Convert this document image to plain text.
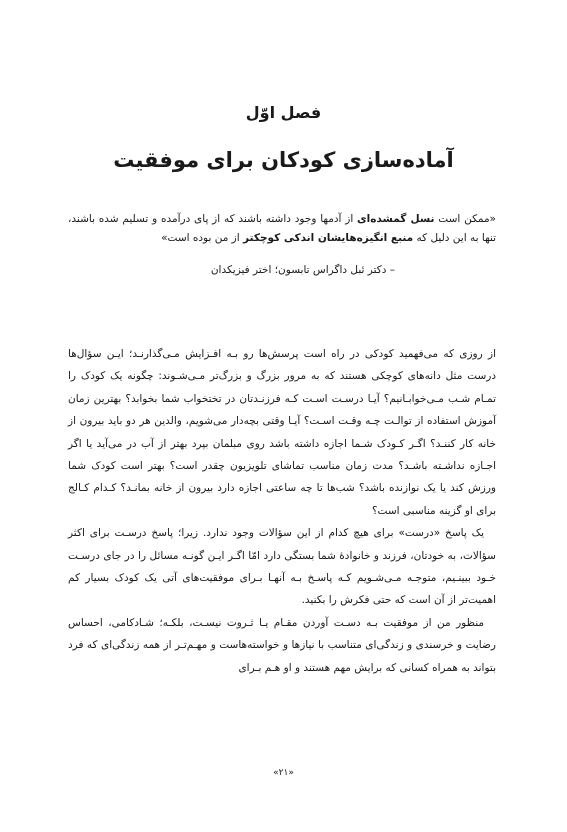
فصل اوّل
آماده‌سازی کودکان برای موفقیت
«ممکن است نسل گمشده‌ای از آدمها وجود داشته باشند که از پای درآمده و تسلیم شده باشند، تنها به این دلیل که منبع انگیزه‌هایشان اندکی کوچکتر از من بوده است»
– دکتر ئبل داگراس تابسون؛ اختر فیزیکدان

از روزی که می‌فهمید کودکی در راه است پرسش‌ها رو بـه افـزایش مـی‌گذارنـد؛ ایـن سؤال‌ها درست مثل دانه‌های کوچکی هستند که به مرور بزرگ و بزرگ‌تر مـی‌شـوند: چگونه یک کودک را تمـام شـب مـی‌خوابـانیم؟ آیـا درسـت اسـت کـه فرزنـدتان در تختخواب شما بخوابد؟ بهترین زمان آموزش استفاده از توالـت چـه وقـت اسـت؟ آیـا وقتی بچه‌دار می‌شویم، والدین هر دو باید بیرون از خانه کار کننـد؟ اگـر کـودک شـما اجازه داشته باشد روی مبلمان بپرد بهتر از آب در می‌آید یا اگر اجـازه نداشـته باشـد؟ مدت زمان مناسب تماشای تلویزیون چقدر است؟ بهتر است کودک شما ورزش کند یا یک نوازنده باشد؟ شب‌ها تا چه ساعتی اجازه دارد بیرون از خانه بمانـد؟ کـدام کـالج برای او گزینه مناسبی است؟

یک پاسخ «درست» برای هیچ کدام از این سؤالات وجود ندارد. زیرا؛ پاسخ درسـت برای اکثر سؤالات، به خودتان، فرزند و خانوادهٔ شما بستگی دارد امّا اگـر ایـن گونـه مسائل را در جای درسـت خـود ببینـیم، متوجـه مـی‌شـویم کـه پاسـخ بـه آنهـا بـرای موفقیت‌های آتی یک کودک بسیار کم اهمیت‌تر از آن است که حتی فکرش را بکنید.

منظور من از موفقیت بـه دسـت آوردن مقـام یـا ثـروت نیسـت، بلکـه؛ شـادکامی، احساس رضایت و خرسندی و زندگی‌ای متناسب با نیازها و خواسته‌هاست و مهـم‌تـر از همه زندگی‌ای که فرد بتواند به همراه کسانی که برایش مهم هستند و او هـم بـرای

«۲۱»
